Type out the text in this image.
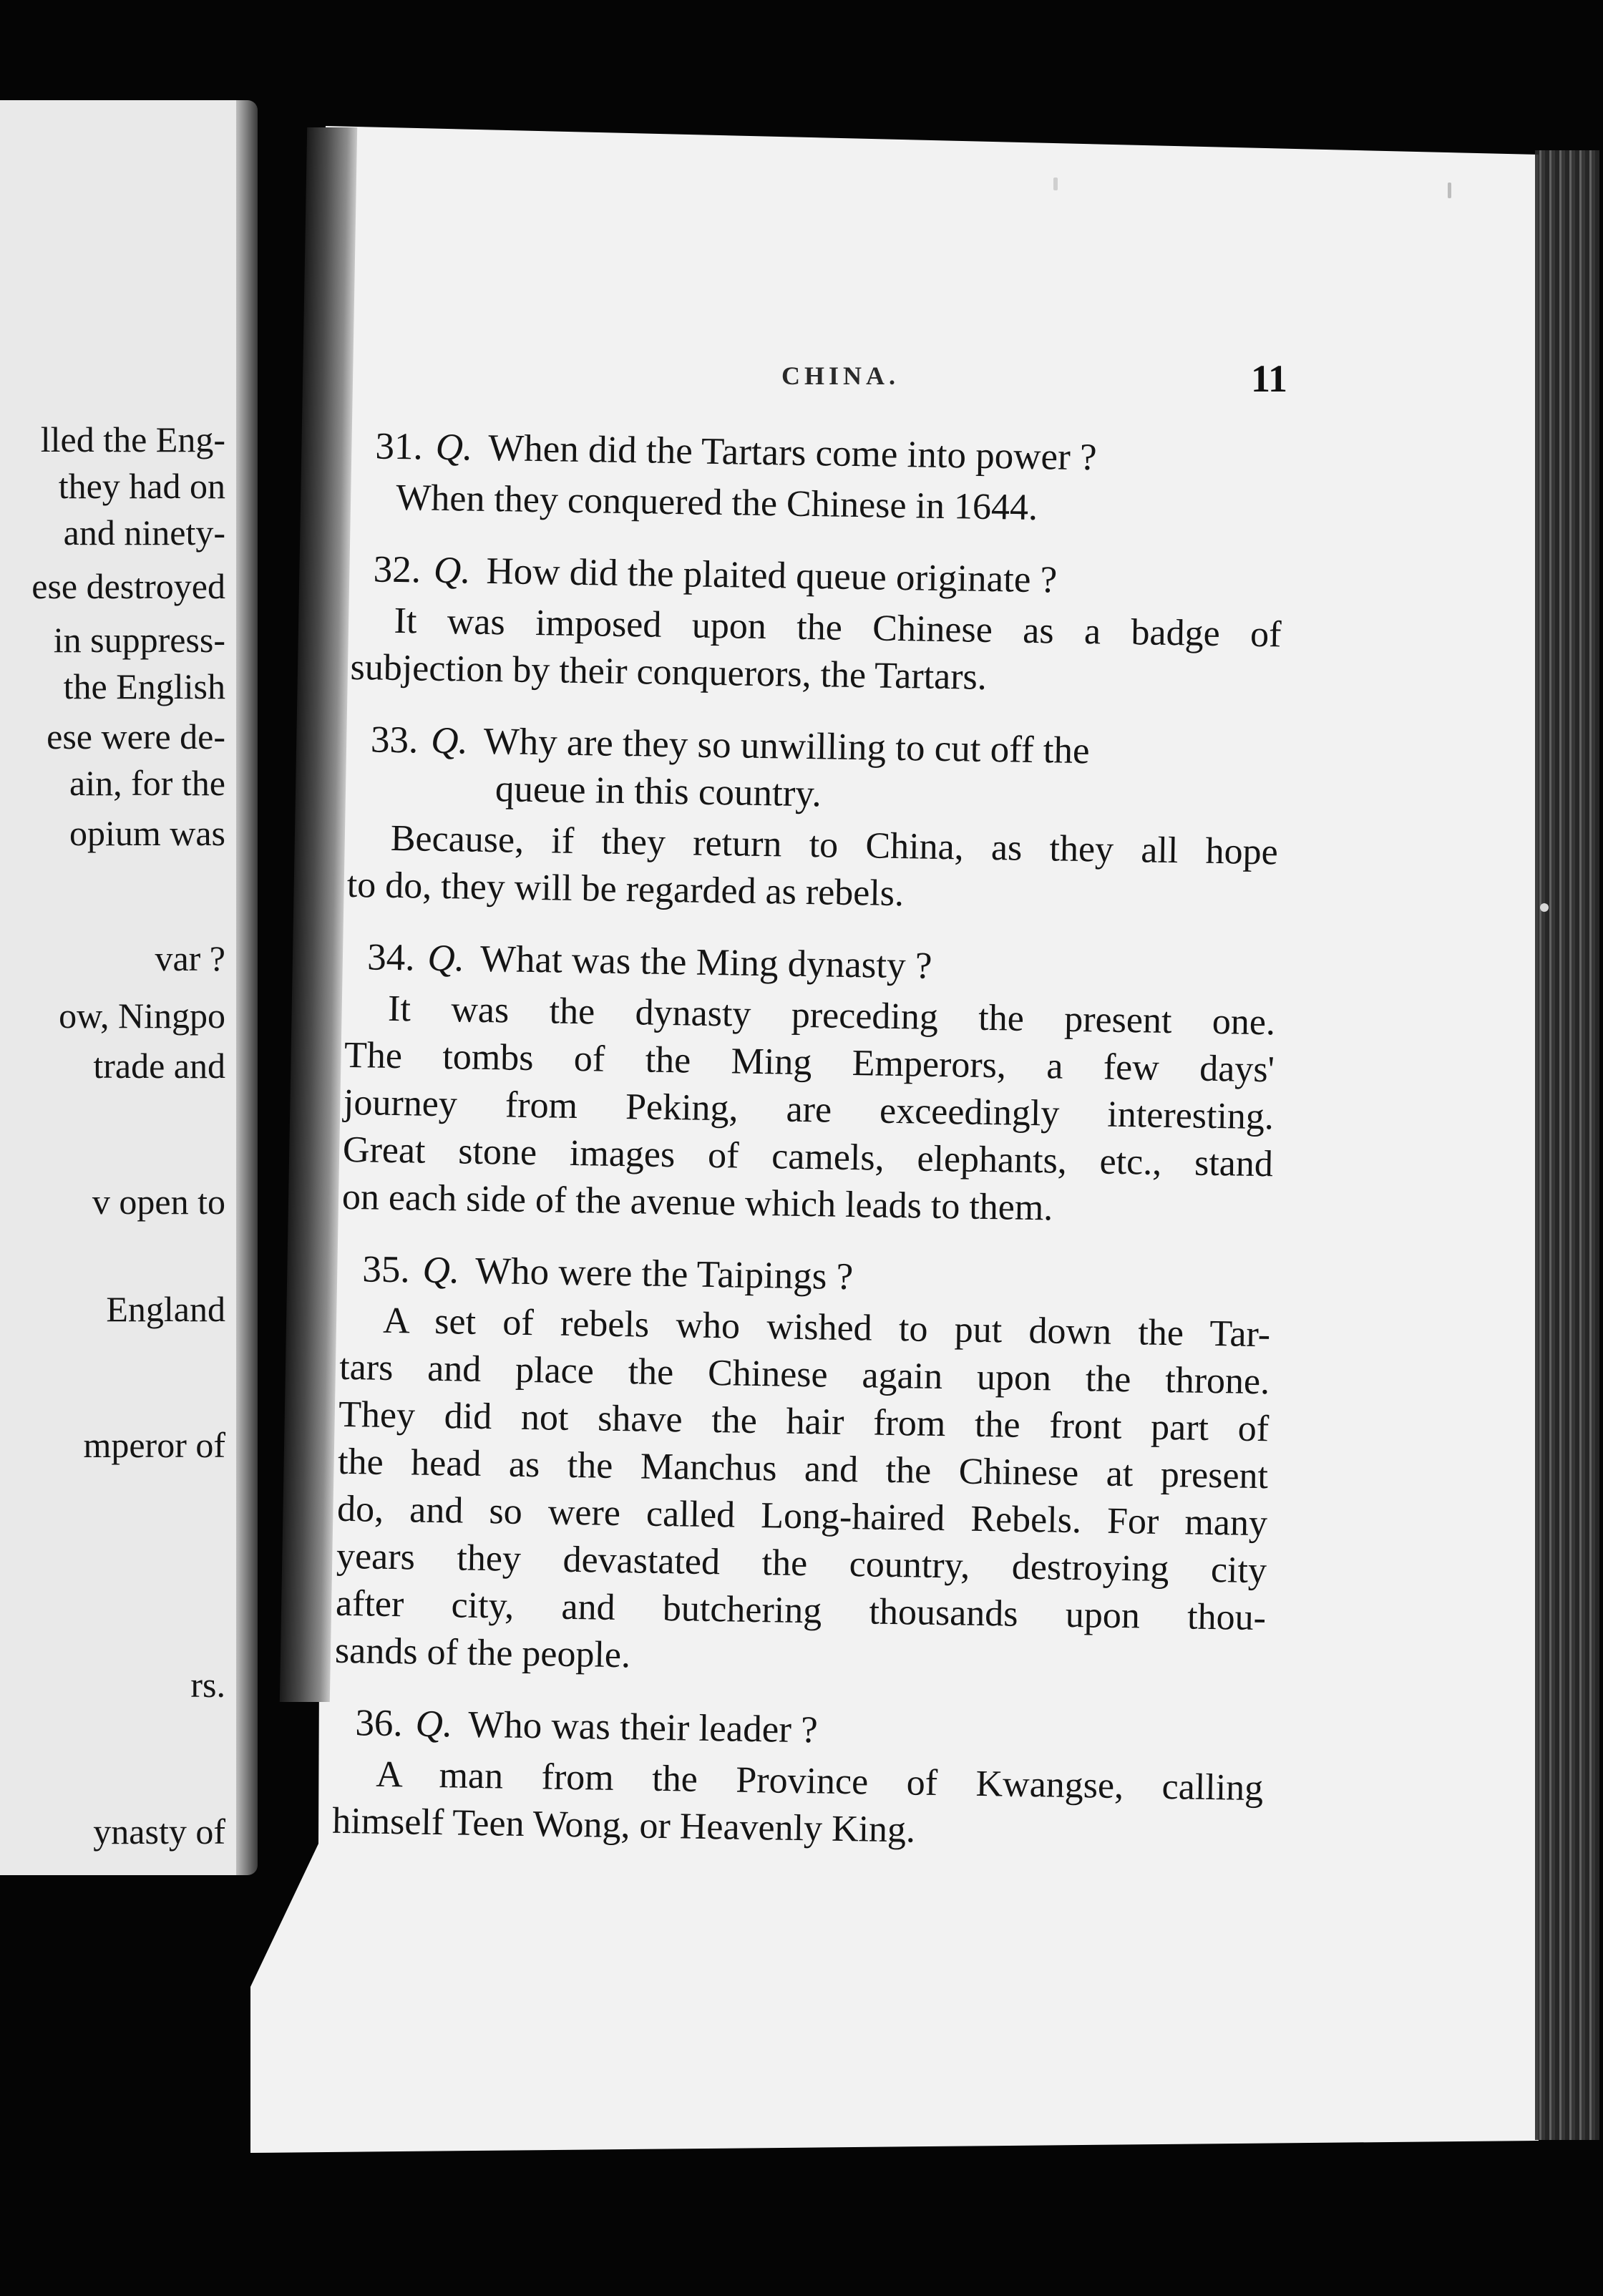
lled the Eng-
they had on
and ninety-
ese destroyed
in suppress-
the English
ese were de-
ain, for the
opium was
var ?
ow, Ningpo
trade and
v open to
England
mperor of
rs.
ynasty of
CHINA.	11
31. Q. When did the Tartars come into power ?
When they conquered the Chinese in 1644.
32. Q. How did the plaited queue originate ?
It was imposed upon the Chinese as a badge of
subjection by their conquerors, the Tartars.
33. Q. Why are they so unwilling to cut off the
queue in this country.
Because, if they return to China, as they all hope
to do, they will be regarded as rebels.
34. Q. What was the Ming dynasty ?
It was the dynasty preceding the present one.
The tombs of the Ming Emperors, a few days'
journey from Peking, are exceedingly interesting.
Great stone images of camels, elephants, etc., stand
on each side of the avenue which leads to them.
35. Q. Who were the Taipings ?
A set of rebels who wished to put down the Tar-
tars and place the Chinese again upon the throne.
They did not shave the hair from the front part of
the head as the Manchus and the Chinese at present
do, and so were called Long-haired Rebels. For many
years they devastated the country, destroying city
after city, and butchering thousands upon thou-
sands of the people.
36. Q. Who was their leader ?
A man from the Province of Kwangse, calling
himself Teen Wong, or Heavenly King.
